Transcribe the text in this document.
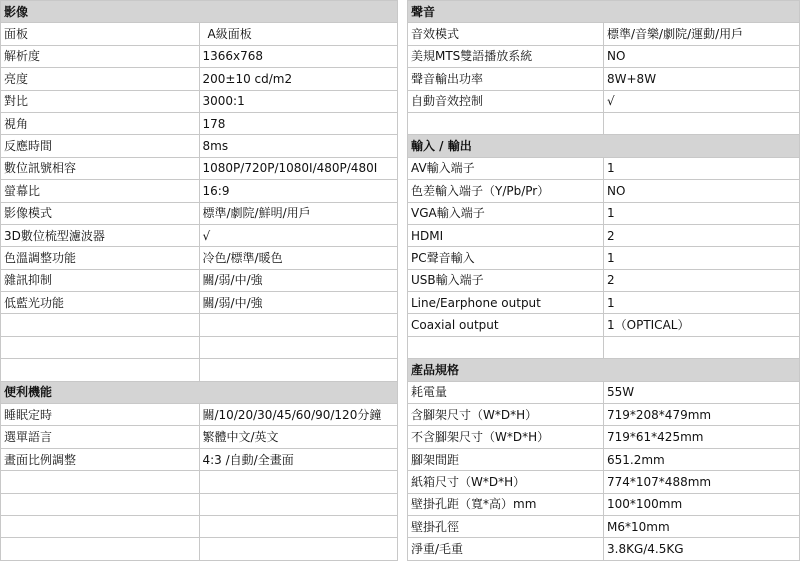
影像	
面板	A級面板
解析度	1366x768
亮度	200±10 cd/m2
對比	3000:1
視角	178
反應時間	8ms
數位訊號相容	1080P/720P/1080I/480P/480I
螢幕比	16:9
影像模式	標準/劇院/鮮明/用戶
3D數位梳型濾波器	√
色溫調整功能	冷色/標準/暖色
雜訊抑制	關/弱/中/強
低藍光功能	關/弱/中/強

便利機能	
睡眠定時	關/10/20/30/45/60/90/120分鐘
選單語言	繁體中文/英文
畫面比例調整	4:3 /自動/全畫面

聲音	
音效模式	標準/音樂/劇院/運動/用戶
美規MTS雙語播放系統	NO
聲音輸出功率	8W+8W
自動音效控制	√

輸入 / 輸出	
AV輸入端子	1
色差輸入端子（Y/Pb/Pr）	NO
VGA輸入端子	1
HDMI	2
PC聲音輸入	1
USB輸入端子	2
Line/Earphone output	1
Coaxial output	1（OPTICAL）

產品規格	
耗電量	55W
含腳架尺寸（W*D*H）	719*208*479mm
不含腳架尺寸（W*D*H）	719*61*425mm
腳架間距	651.2mm
紙箱尺寸（W*D*H）	774*107*488mm
壁掛孔距（寬*高）mm	100*100mm
壁掛孔徑	M6*10mm
淨重/毛重	3.8KG/4.5KG
